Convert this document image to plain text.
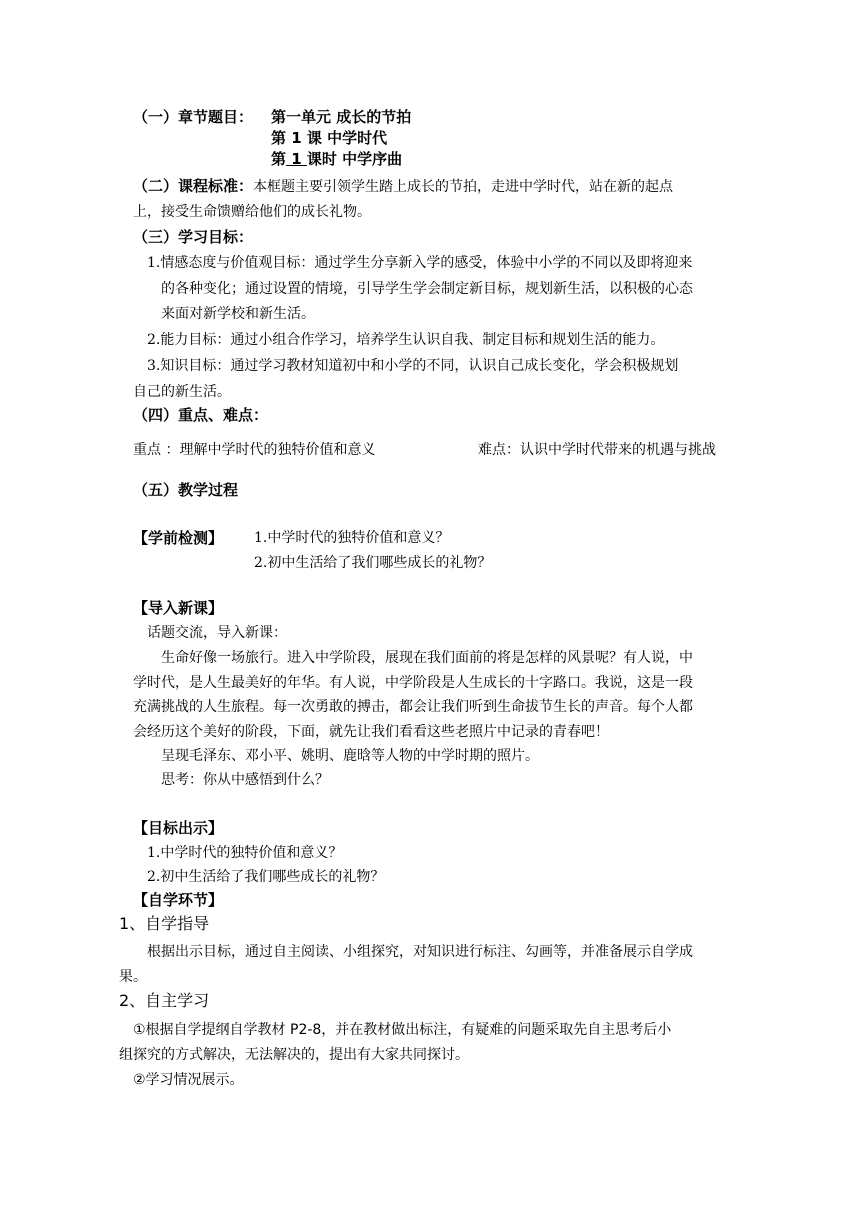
（一）章节题目： 第一单元 成长的节拍
第 1 课 中学时代
第 1 课时 中学序曲
（二）课程标准：本框题主要引领学生踏上成长的节拍，走进中学时代，站在新的起点
上，接受生命馈赠给他们的成长礼物。
（三）学习目标：
1.情感态度与价值观目标：通过学生分享新入学的感受，体验中小学的不同以及即将迎来
的各种变化；通过设置的情境，引导学生学会制定新目标，规划新生活，以积极的心态
来面对新学校和新生活。
2.能力目标：通过小组合作学习，培养学生认识自我、制定目标和规划生活的能力。
3.知识目标：通过学习教材知道初中和小学的不同，认识自己成长变化，学会积极规划
自己的新生活。
（四）重点、难点：
重点 ：理解中学时代的独特价值和意义	难点：认识中学时代带来的机遇与挑战
（五）教学过程
【学前检测】 1.中学时代的独特价值和意义？
2.初中生活给了我们哪些成长的礼物？
【导入新课】
话题交流，导入新课：
生命好像一场旅行。进入中学阶段，展现在我们面前的将是怎样的风景呢？有人说，中
学时代，是人生最美好的年华。有人说，中学阶段是人生成长的十字路口。我说，这是一段
充满挑战的人生旅程。每一次勇敢的搏击，都会让我们听到生命拔节生长的声音。每个人都
会经历这个美好的阶段，下面，就先让我们看看这些老照片中记录的青春吧！
呈现毛泽东、邓小平、姚明、鹿晗等人物的中学时期的照片。
思考：你从中感悟到什么？
【目标出示】
1.中学时代的独特价值和意义？
2.初中生活给了我们哪些成长的礼物？
【自学环节】
1、自学指导
根据出示目标，通过自主阅读、小组探究，对知识进行标注、勾画等，并准备展示自学成
果。
2、自主学习
①根据自学提纲自学教材 P2-8，并在教材做出标注，有疑难的问题采取先自主思考后小
组探究的方式解决，无法解决的，提出有大家共同探讨。
②学习情况展示。
